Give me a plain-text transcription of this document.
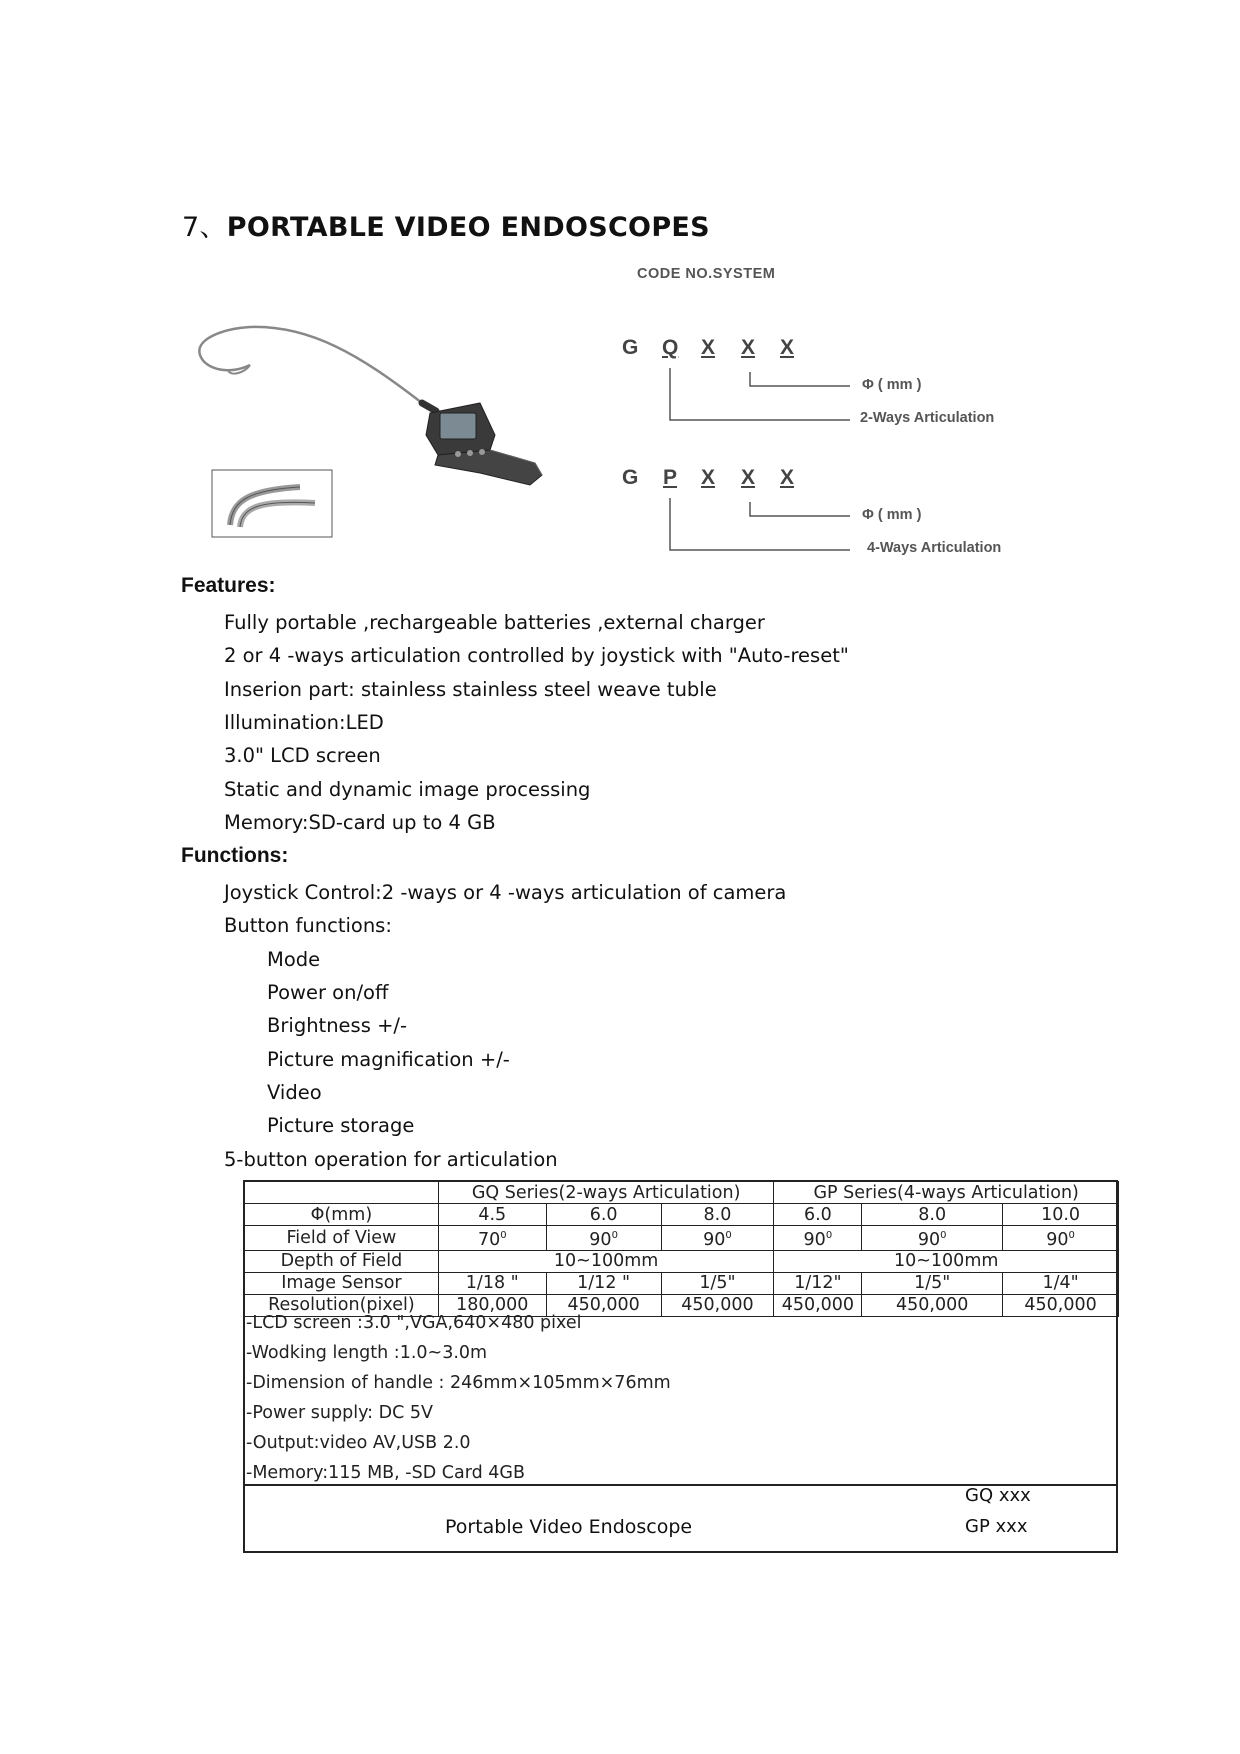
7、PORTABLE VIDEO ENDOSCOPES
CODE NO.SYSTEM
G Q X X X
Φ ( mm )
2-Ways Articulation
G P X X X
Φ ( mm )
4-Ways Articulation
Features:
Fully portable ,rechargeable batteries ,external charger
2 or 4 -ways articulation controlled by joystick with "Auto-reset"
Inserion part: stainless stainless steel weave tuble
Illumination:LED
3.0" LCD screen
Static and dynamic image processing
Memory:SD-card up to 4 GB
Functions:
Joystick Control:2 -ways or 4 -ways articulation of camera
Button functions:
Mode
Power on/off
Brightness +/-
Picture magnification +/-
Video
Picture storage
5-button operation for articulation
	GQ Series(2-ways Articulation)			GP Series(4-ways Articulation)		
Φ(mm)	4.5	6.0	8.0	6.0	8.0	10.0
Field of View	$70^0$	$90^0$	$90^0$	$90^0$	$90^0$	$90^0$
Depth of Field	10~100mm			10~100mm		
Image Sensor	1/18 "	1/12 "	1/5"	1/12"	1/5"	1/4"
Resolution(pixel)	180,000	450,000	450,000	450,000	450,000	450,000
-LCD screen :3.0 ",VGA,640×480 pixel
-Wodking length :1.0~3.0m
-Dimension of handle : 246mm×105mm×76mm
-Power supply: DC 5V
-Output:video AV,USB 2.0
-Memory:115 MB, -SD Card 4GB
Portable Video Endoscope
GQ xxx
GP xxx
